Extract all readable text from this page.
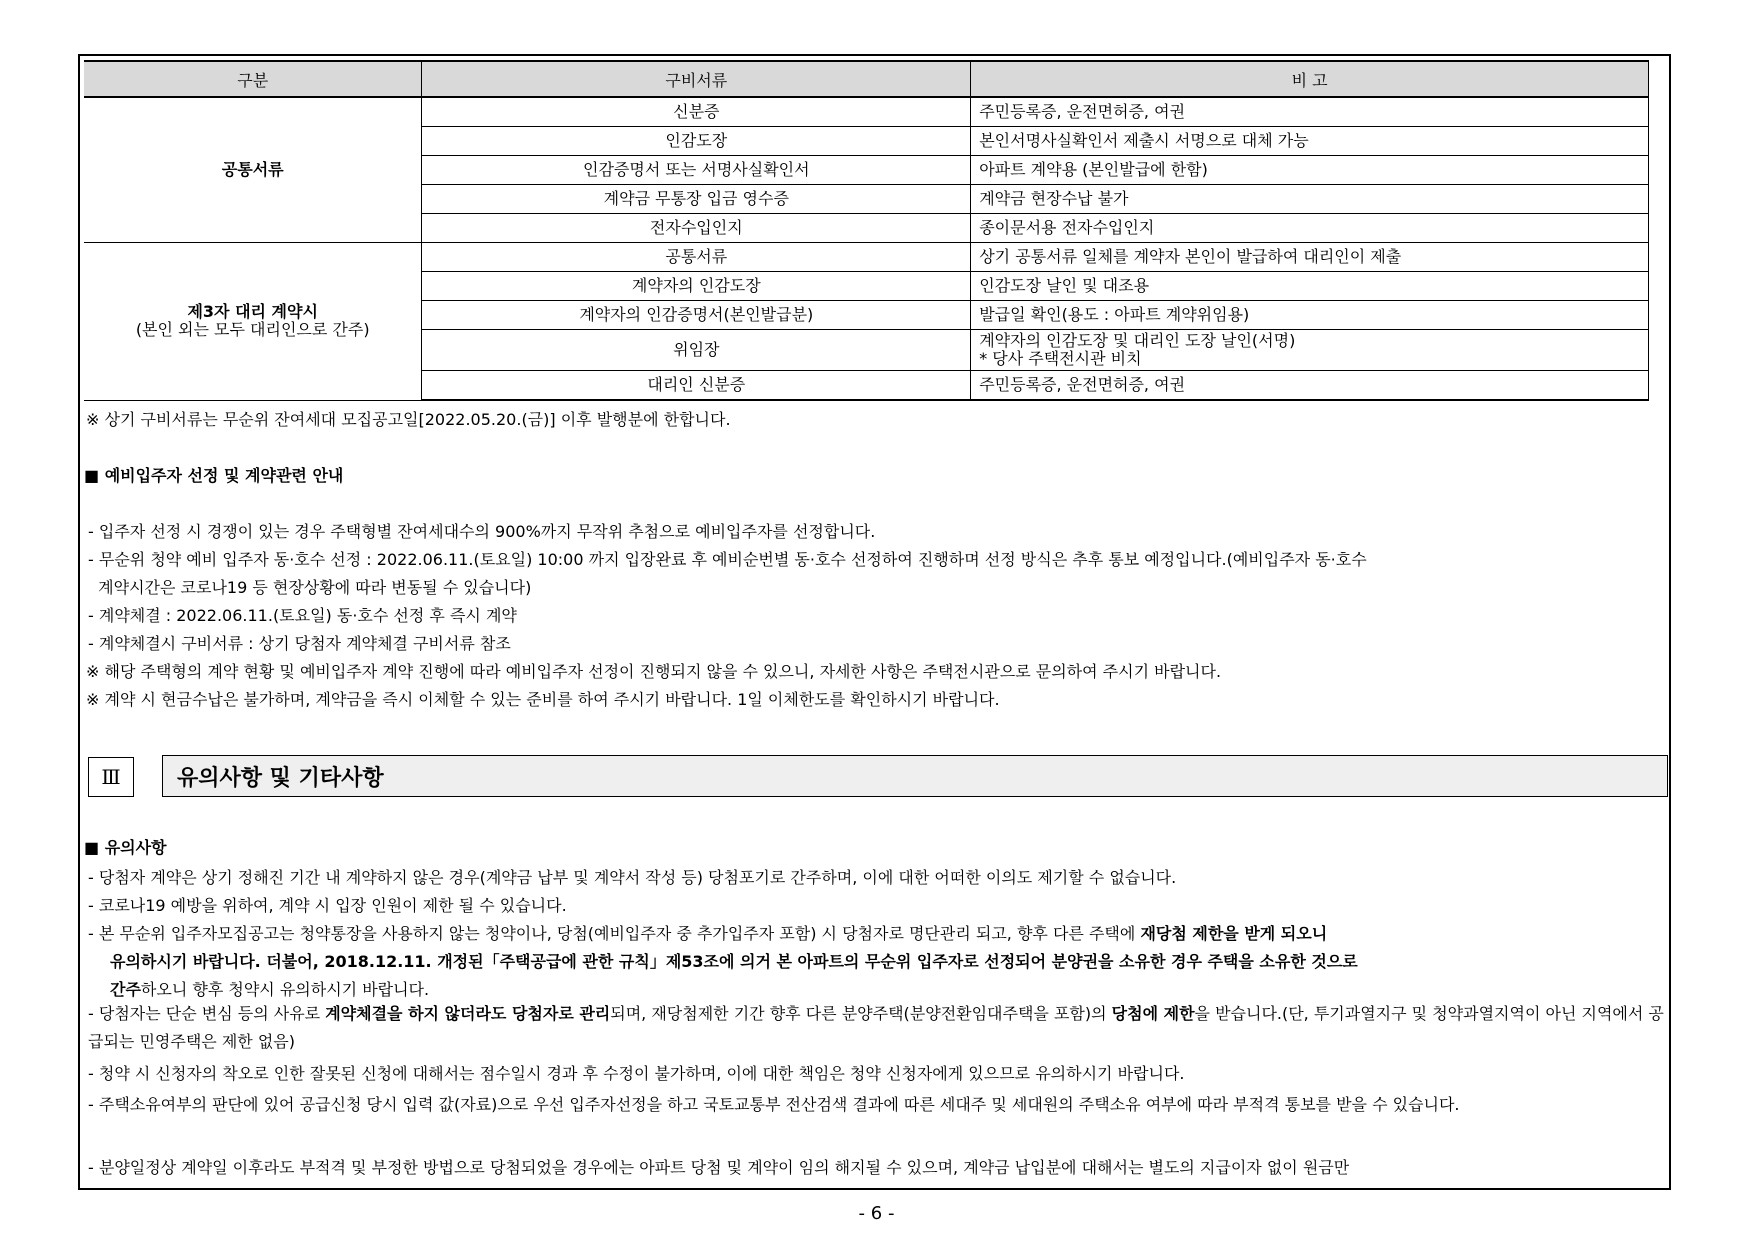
구분	구비서류	비 고
공통서류	신분증	주민등록증, 운전면허증, 여권
	인감도장	본인서명사실확인서 제출시 서명으로 대체 가능
	인감증명서 또는 서명사실확인서	아파트 계약용 (본인발급에 한함)
	계약금 무통장 입금 영수증	계약금 현장수납 불가
	전자수입인지	종이문서용 전자수입인지

제3자 대리 계약시
(본인 외는 모두 대리인으로 간주)	공통서류	상기 공통서류 일체를 계약자 본인이 발급하여 대리인이 제출
	계약자의 인감도장	인감도장 날인 및 대조용
	계약자의 인감증명서(본인발급분)	발급일 확인(용도 : 아파트 계약위임용)
	위임장	계약자의 인감도장 및 대리인 도장 날인(서명)
* 당사 주택전시관 비치

	대리인 신분증	주민등록증, 운전면허증, 여권
※ 상기 구비서류는 무순위 잔여세대 모집공고일[2022.05.20.(금)] 이후 발행분에 한합니다.
■ 예비입주자 선정 및 계약관련 안내
- 입주자 선정 시 경쟁이 있는 경우 주택형별 잔여세대수의 900%까지 무작위 추첨으로 예비입주자를 선정합니다.
- 무순위 청약 예비 입주자 동·호수 선정 : 2022.06.11.(토요일) 10:00 까지 입장완료 후 예비순번별 동·호수 선정하여 진행하며 선정 방식은 추후 통보 예정입니다.(예비입주자 동·호수
계약시간은 코로나19 등 현장상황에 따라 변동될 수 있습니다)
- 계약체결 : 2022.06.11.(토요일) 동·호수 선정 후 즉시 계약
- 계약체결시 구비서류 : 상기 당첨자 계약체결 구비서류 참조
※ 해당 주택형의 계약 현황 및 예비입주자 계약 진행에 따라 예비입주자 선정이 진행되지 않을 수 있으니, 자세한 사항은 주택전시관으로 문의하여 주시기 바랍니다.
※ 계약 시 현금수납은 불가하며, 계약금을 즉시 이체할 수 있는 준비를 하여 주시기 바랍니다. 1일 이체한도를 확인하시기 바랍니다.
Ⅲ	유의사항 및 기타사항
■ 유의사항
- 당첨자 계약은 상기 정해진 기간 내 계약하지 않은 경우(계약금 납부 및 계약서 작성 등) 당첨포기로 간주하며, 이에 대한 어떠한 이의도 제기할 수 없습니다.
- 코로나19 예방을 위하여, 계약 시 입장 인원이 제한 될 수 있습니다.
- 본 무순위 입주자모집공고는 청약통장을 사용하지 않는 청약이나, 당첨(예비입주자 중 추가입주자 포함) 시 당첨자로 명단관리 되고, 향후 다른 주택에 재당첨 제한을 받게 되오니
유의하시기 바랍니다. 더불어, 2018.12.11. 개정된「주택공급에 관한 규칙」제53조에 의거 본 아파트의 무순위 입주자로 선정되어 분양권을 소유한 경우 주택을 소유한 것으로
간주하오니 향후 청약시 유의하시기 바랍니다.
- 당첨자는 단순 변심 등의 사유로 계약체결을 하지 않더라도 당첨자로 관리되며, 재당첨제한 기간 향후 다른 분양주택(분양전환임대주택을 포함)의 당첨에 제한을 받습니다.(단, 투기과열지구 및 청약과열지역이 아닌 지역에서 공급되는 민영주택은 제한 없음)
- 청약 시 신청자의 착오로 인한 잘못된 신청에 대해서는 점수일시 경과 후 수정이 불가하며, 이에 대한 책임은 청약 신청자에게 있으므로 유의하시기 바랍니다.
- 주택소유여부의 판단에 있어 공급신청 당시 입력 값(자료)으로 우선 입주자선정을 하고 국토교통부 전산검색 결과에 따른 세대주 및 세대원의 주택소유 여부에 따라 부적격 통보를 받을 수 있습니다.
- 분양일정상 계약일 이후라도 부적격 및 부정한 방법으로 당첨되었을 경우에는 아파트 당첨 및 계약이 임의 해지될 수 있으며, 계약금 납입분에 대해서는 별도의 지급이자 없이 원금만
- 6 -
